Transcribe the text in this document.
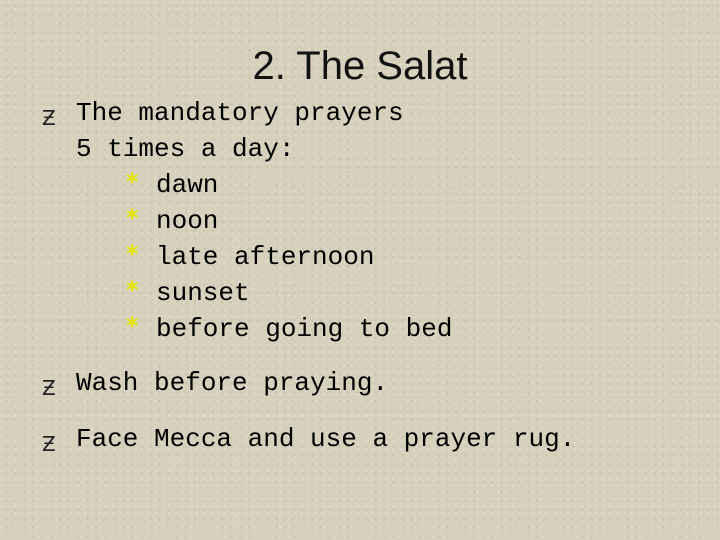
2. The Salat
Ƶ The mandatory prayers
5 times a day:
* dawn
* noon
* late afternoon
* sunset
* before going to bed
Ƶ Wash before praying.
Ƶ Face Mecca and use a prayer rug.
